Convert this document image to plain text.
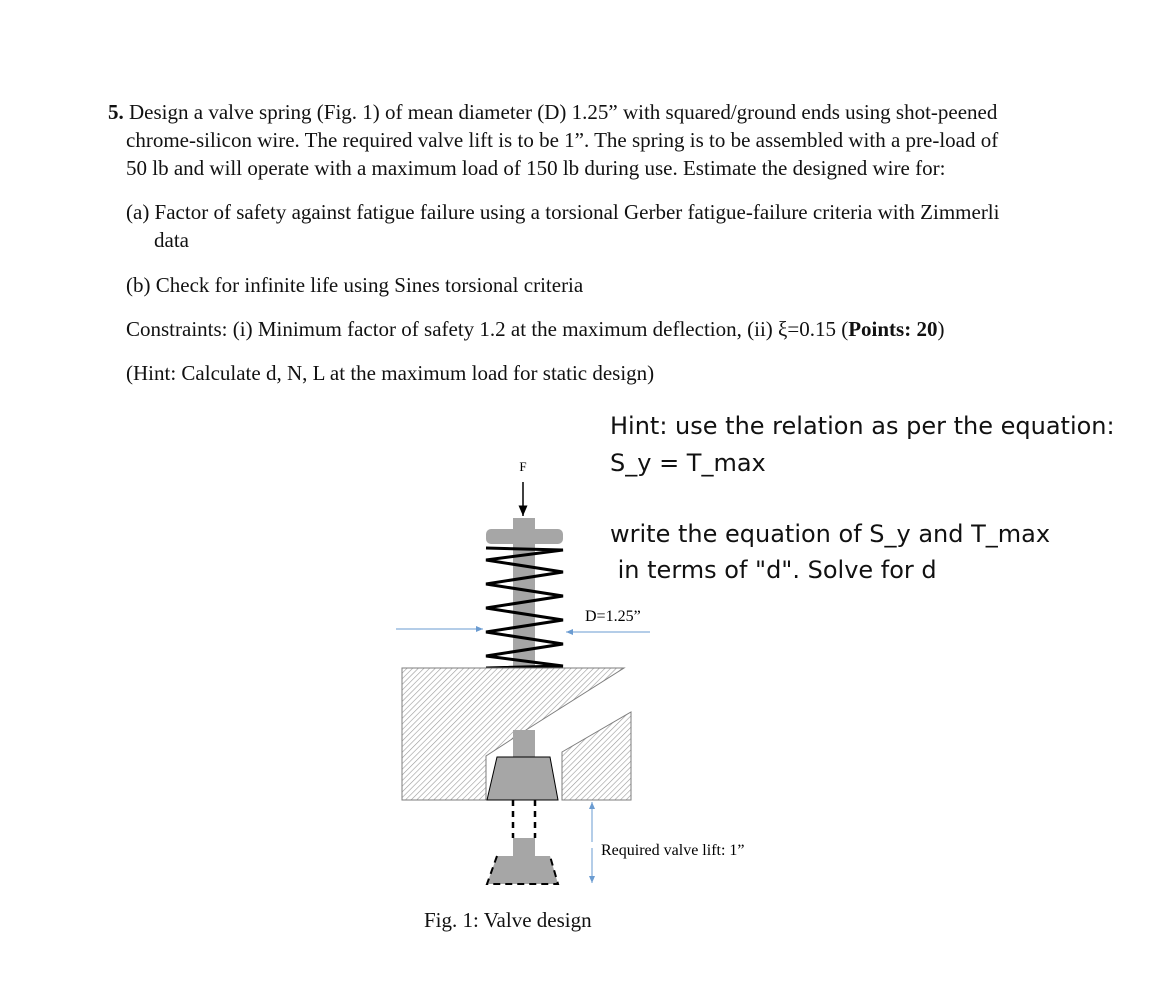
5. Design a valve spring (Fig. 1) of mean diameter (D) 1.25” with squared/ground ends using shot-peened
chrome-silicon wire. The required valve lift is to be 1”. The spring is to be assembled with a pre-load of
50 lb and will operate with a maximum load of 150 lb during use. Estimate the designed wire for:
(a) Factor of safety against fatigue failure using a torsional Gerber fatigue-failure criteria with Zimmerli
data
(b) Check for infinite life using Sines torsional criteria
Constraints: (i) Minimum factor of safety 1.2 at the maximum deflection, (ii) ξ=0.15 (Points: 20)
(Hint: Calculate d, N, L at the maximum load for static design)
Hint: use the relation as per the equation:
S_y = T_max
write the equation of S_y and T_max
in terms of "d". Solve for d
F
D=1.25”
Required valve lift: 1”
Fig. 1: Valve design
